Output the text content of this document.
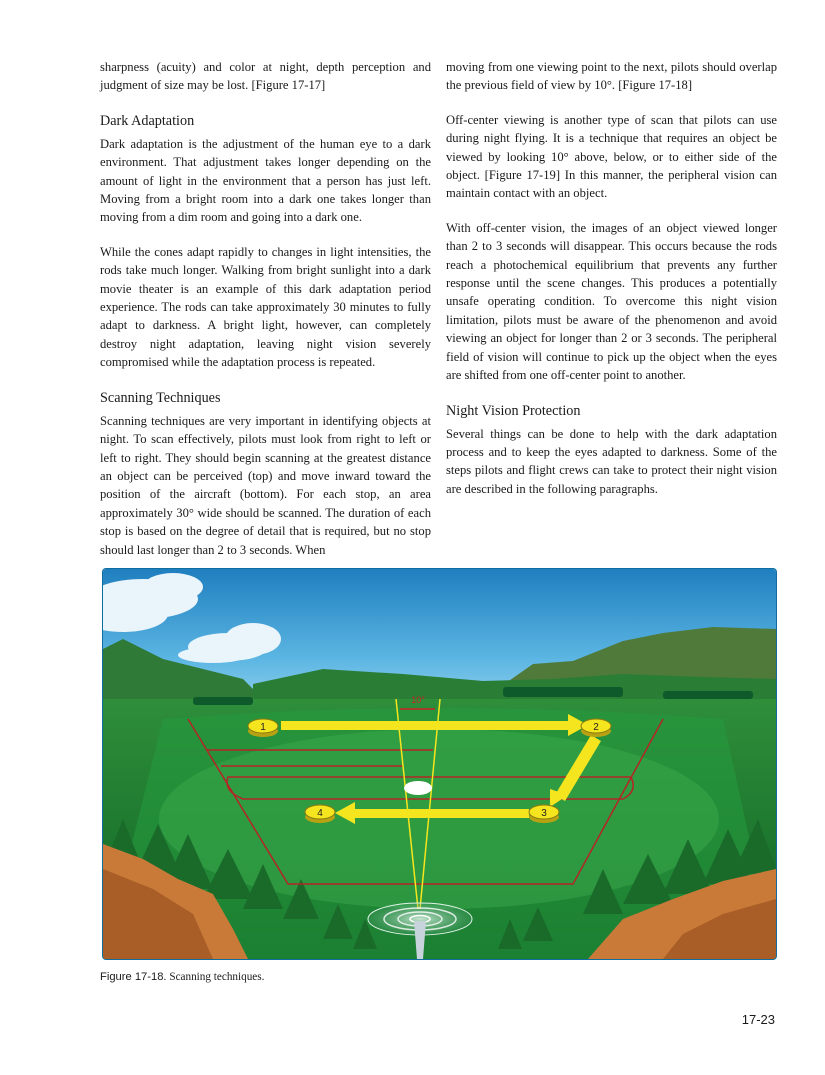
sharpness (acuity) and color at night, depth perception and judgment of size may be lost. [Figure 17-17]

Dark Adaptation

Dark adaptation is the adjustment of the human eye to a dark environment. That adjustment takes longer depending on the amount of light in the environment that a person has just left. Moving from a bright room into a dark one takes longer than moving from a dim room and going into a dark one.

While the cones adapt rapidly to changes in light intensities, the rods take much longer. Walking from bright sunlight into a dark movie theater is an example of this dark adaptation period experience. The rods can take approximately 30 minutes to fully adapt to darkness. A bright light, however, can completely destroy night adaptation, leaving night vision severely compromised while the adaptation process is repeated.

Scanning Techniques

Scanning techniques are very important in identifying objects at night. To scan effectively, pilots must look from right to left or left to right. They should begin scanning at the greatest distance an object can be perceived (top) and move inward toward the position of the aircraft (bottom). For each stop, an area approximately 30° wide should be scanned. The duration of each stop is based on the degree of detail that is required, but no stop should last longer than 2 to 3 seconds. When

moving from one viewing point to the next, pilots should overlap the previous field of view by 10°. [Figure 17-18]

Off-center viewing is another type of scan that pilots can use during night flying. It is a technique that requires an object be viewed by looking 10° above, below, or to either side of the object. [Figure 17-19] In this manner, the peripheral vision can maintain contact with an object.

With off-center vision, the images of an object viewed longer than 2 to 3 seconds will disappear. This occurs because the rods reach a photochemical equilibrium that prevents any further response until the scene changes. This produces a potentially unsafe operating condition. To overcome this night vision limitation, pilots must be aware of the phenomenon and avoid viewing an object for longer than 2 or 3 seconds. The peripheral field of vision will continue to pick up the object when the eyes are shifted from one off-center point to another.

Night Vision Protection

Several things can be done to help with the dark adaptation process and to keep the eyes adapted to darkness. Some of the steps pilots and flight crews can take to protect their night vision are described in the following paragraphs.

10°
1	2
3
4
Figure 17-18. Scanning techniques.
17-23
